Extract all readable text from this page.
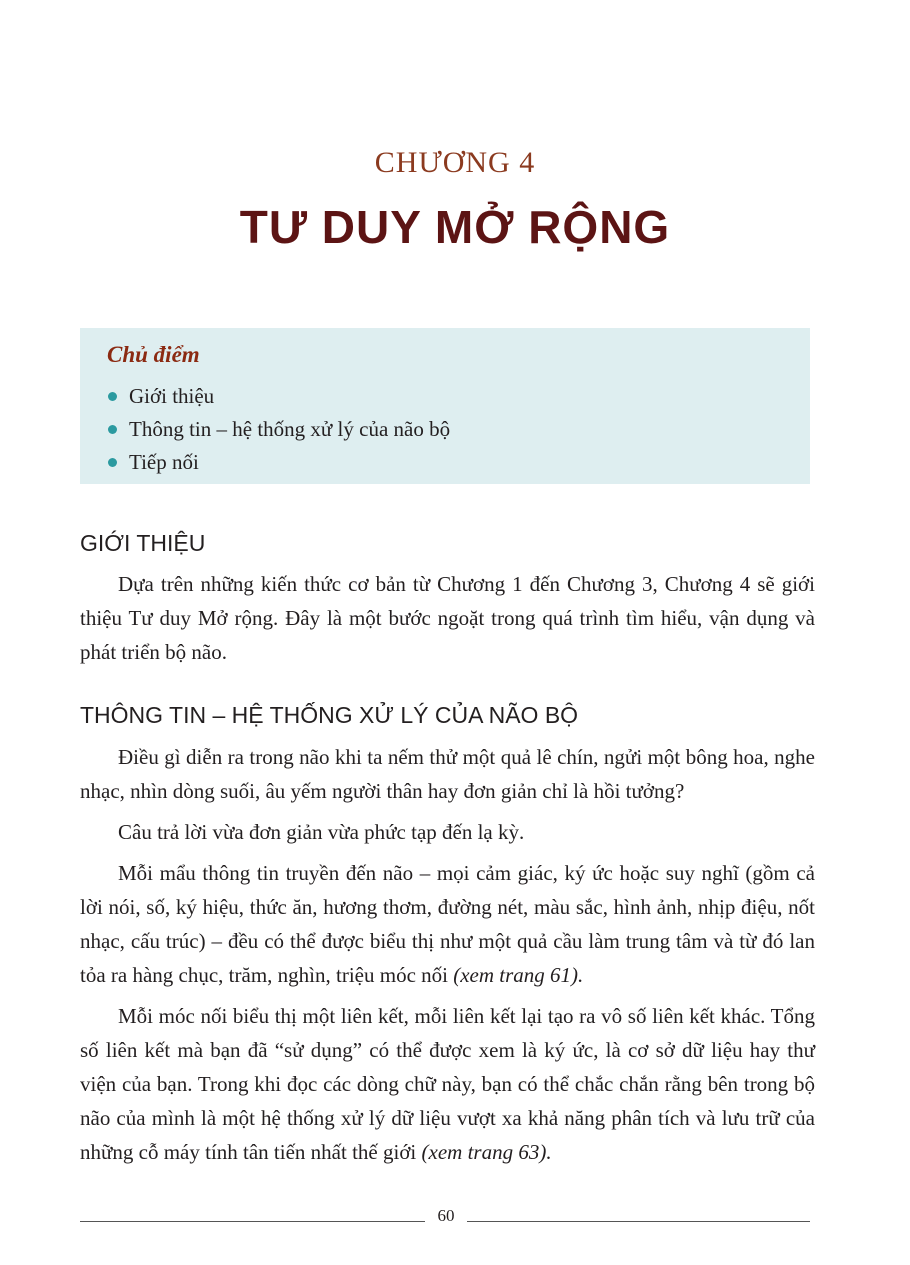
CHƯƠNG 4
TƯ DUY MỞ RỘNG
Chủ điểm
Giới thiệu
Thông tin – hệ thống xử lý của não bộ
Tiếp nối
GIỚI THIỆU

Dựa trên những kiến thức cơ bản từ Chương 1 đến Chương 3, Chương 4 sẽ giới thiệu Tư duy Mở rộng. Đây là một bước ngoặt trong quá trình tìm hiểu, vận dụng và phát triển bộ não.

THÔNG TIN – HỆ THỐNG XỬ LÝ CỦA NÃO BỘ

Điều gì diễn ra trong não khi ta nếm thử một quả lê chín, ngửi một bông hoa, nghe nhạc, nhìn dòng suối, âu yếm người thân hay đơn giản chỉ là hồi tưởng?

Câu trả lời vừa đơn giản vừa phức tạp đến lạ kỳ.

Mỗi mẩu thông tin truyền đến não – mọi cảm giác, ký ức hoặc suy nghĩ (gồm cả lời nói, số, ký hiệu, thức ăn, hương thơm, đường nét, màu sắc, hình ảnh, nhịp điệu, nốt nhạc, cấu trúc) – đều có thể được biểu thị như một quả cầu làm trung tâm và từ đó lan tỏa ra hàng chục, trăm, nghìn, triệu móc nối (xem trang 61).

Mỗi móc nối biểu thị một liên kết, mỗi liên kết lại tạo ra vô số liên kết khác. Tổng số liên kết mà bạn đã “sử dụng” có thể được xem là ký ức, là cơ sở dữ liệu hay thư viện của bạn. Trong khi đọc các dòng chữ này, bạn có thể chắc chắn rằng bên trong bộ não của mình là một hệ thống xử lý dữ liệu vượt xa khả năng phân tích và lưu trữ của những cỗ máy tính tân tiến nhất thế giới (xem trang 63).

60
